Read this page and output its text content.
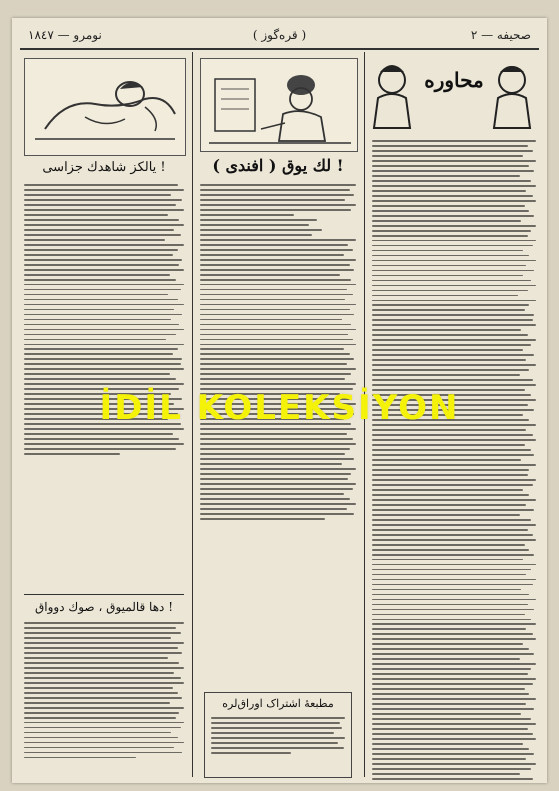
نومرو — ۱۸٤۷	( قره‌گوز )	صحیفه — ۲
یالکز شاهدك جزاسی !
دها قالمیوق ، صوك دوواق !
( افندی ) لك یوق !
مطبعهٔ اشتراک اوراق‌لره
محاوره
İDİL KOLEKSİYON
